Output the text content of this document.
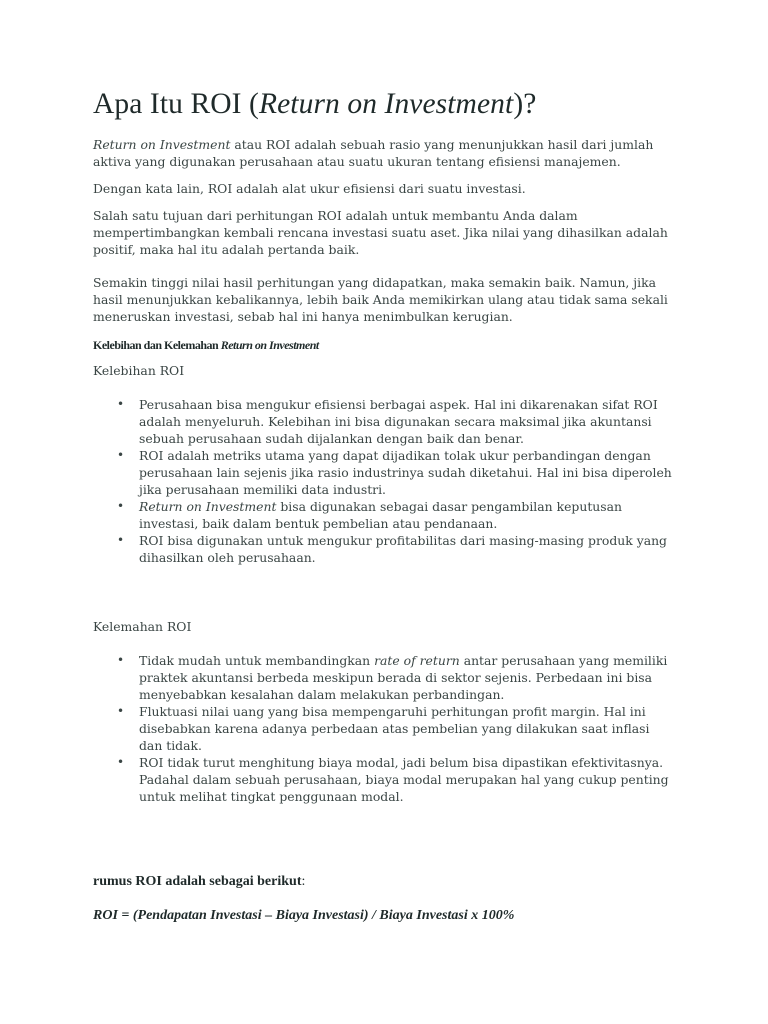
Apa Itu ROI (Return on Investment)?

Return on Investment atau ROI adalah sebuah rasio yang menunjukkan hasil dari jumlah aktiva yang digunakan perusahaan atau suatu ukuran tentang efisiensi manajemen.

Dengan kata lain, ROI adalah alat ukur efisiensi dari suatu investasi.

Salah satu tujuan dari perhitungan ROI adalah untuk membantu Anda dalam mempertimbangkan kembali rencana investasi suatu aset. Jika nilai yang dihasilkan adalah positif, maka hal itu adalah pertanda baik.

Semakin tinggi nilai hasil perhitungan yang didapatkan, maka semakin baik. Namun, jika hasil menunjukkan kebalikannya, lebih baik Anda memikirkan ulang atau tidak sama sekali meneruskan investasi, sebab hal ini hanya menimbulkan kerugian.

Kelebihan dan Kelemahan Return on Investment

Kelebihan ROI

• Perusahaan bisa mengukur efisiensi berbagai aspek. Hal ini dikarenakan sifat ROI adalah menyeluruh. Kelebihan ini bisa digunakan secara maksimal jika akuntansi sebuah perusahaan sudah dijalankan dengan baik dan benar.
• ROI adalah metriks utama yang dapat dijadikan tolak ukur perbandingan dengan perusahaan lain sejenis jika rasio industrinya sudah diketahui. Hal ini bisa diperoleh jika perusahaan memiliki data industri.
• Return on Investment bisa digunakan sebagai dasar pengambilan keputusan investasi, baik dalam bentuk pembelian atau pendanaan.
• ROI bisa digunakan untuk mengukur profitabilitas dari masing-masing produk yang dihasilkan oleh perusahaan.

Kelemahan ROI

• Tidak mudah untuk membandingkan rate of return antar perusahaan yang memiliki praktek akuntansi berbeda meskipun berada di sektor sejenis. Perbedaan ini bisa menyebabkan kesalahan dalam melakukan perbandingan.
• Fluktuasi nilai uang yang bisa mempengaruhi perhitungan profit margin. Hal ini disebabkan karena adanya perbedaan atas pembelian yang dilakukan saat inflasi dan tidak.
• ROI tidak turut menghitung biaya modal, jadi belum bisa dipastikan efektivitasnya. Padahal dalam sebuah perusahaan, biaya modal merupakan hal yang cukup penting untuk melihat tingkat penggunaan modal.
rumus ROI adalah sebagai berikut:
ROI = (Pendapatan Investasi – Biaya Investasi) / Biaya Investasi x 100%
